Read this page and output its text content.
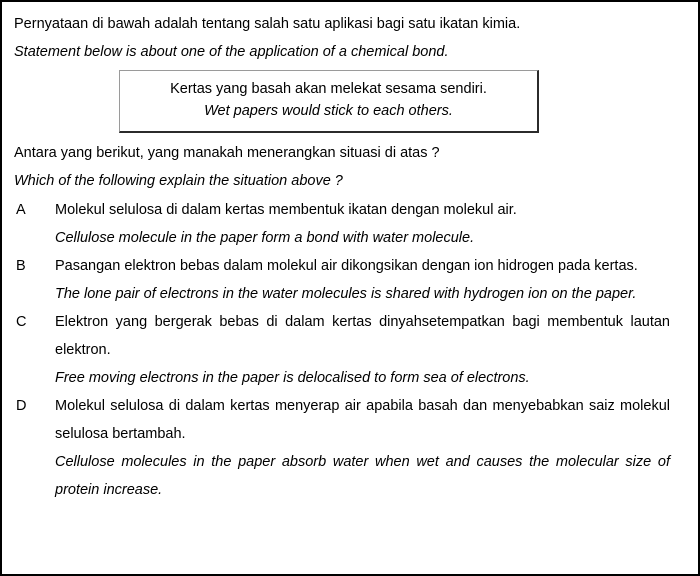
Pernyataan di bawah adalah tentang salah satu aplikasi bagi satu ikatan kimia.
Statement below is about one of the application of a chemical bond.
Kertas yang basah akan melekat sesama sendiri.
Wet papers would stick to each others.
Antara yang berikut, yang manakah menerangkan situasi di atas ?
Which of the following explain the situation above ?
A	Molekul selulosa di dalam kertas membentuk ikatan dengan molekul air.

Cellulose molecule in the paper form a bond with water molecule.

B	Pasangan elektron bebas dalam molekul air dikongsikan dengan ion hidrogen pada kertas.

The lone pair of electrons in the water molecules is shared with hydrogen ion on the paper.

C	Elektron yang bergerak bebas di dalam kertas dinyahsetempatkan bagi membentuk lautan elektron.

Free moving electrons in the paper is delocalised to form sea of electrons.

D	Molekul selulosa di dalam kertas menyerap air apabila basah dan menyebabkan saiz molekul selulosa bertambah.

Cellulose molecules in the paper absorb water when wet and causes the molecular size of protein increase.
